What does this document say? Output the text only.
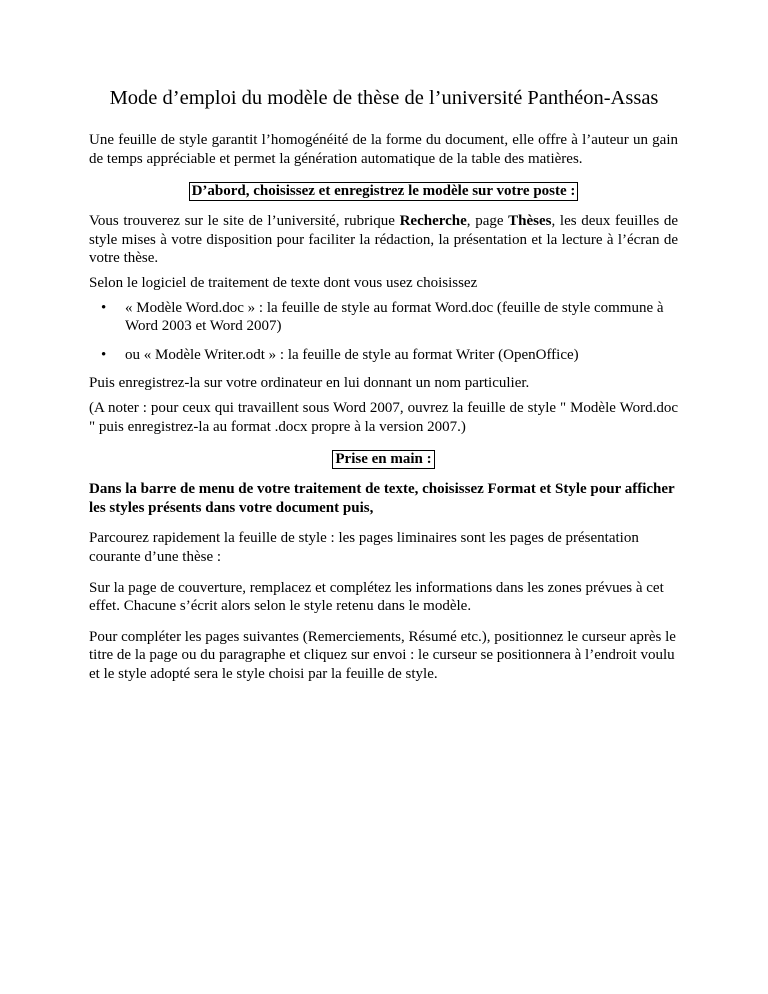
Mode d’emploi du modèle de thèse de l’université Panthéon-Assas

Une feuille de style garantit l’homogénéité de la forme du document, elle offre à l’auteur un gain de temps appréciable et permet la génération automatique de la table des matières.

D’abord, choisissez et enregistrez le modèle sur votre poste :

Vous trouverez sur le site de l’université, rubrique Recherche, page Thèses, les deux feuilles de style mises à votre disposition pour faciliter la rédaction, la présentation et la lecture à l’écran de votre thèse.

Selon le logiciel de traitement de texte dont vous usez choisissez

• « Modèle Word.doc » : la feuille de style au format Word.doc (feuille de style commune à Word 2003 et Word 2007)
• ou « Modèle Writer.odt » : la feuille de style au format Writer (OpenOffice)

Puis enregistrez-la sur votre ordinateur en lui donnant un nom particulier.

(A noter : pour ceux qui travaillent sous Word 2007, ouvrez la feuille de style " Modèle Word.doc " puis enregistrez-la au format .docx propre à la version 2007.)

Prise en main :

Dans la barre de menu de votre traitement de texte, choisissez Format et Style pour afficher les styles présents dans votre document puis,

Parcourez rapidement la feuille de style : les pages liminaires sont les pages de présentation courante d’une thèse :

Sur la page de couverture, remplacez et complétez les informations dans les zones prévues à cet effet. Chacune s’écrit alors selon le style retenu dans le modèle.

Pour compléter les pages suivantes (Remerciements, Résumé etc.), positionnez le curseur après le titre de la page ou du paragraphe et cliquez sur envoi : le curseur se positionnera à l’endroit voulu et le style adopté sera le style choisi par la feuille de style.
